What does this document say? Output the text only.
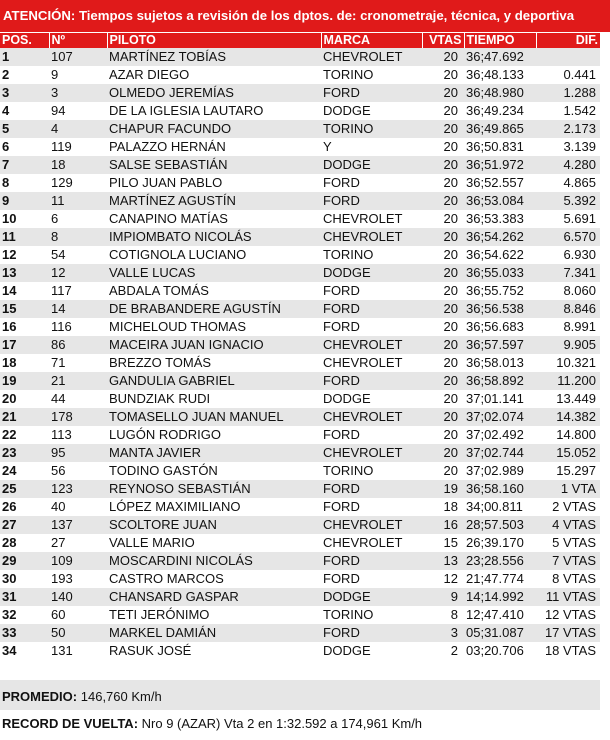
ATENCIÓN: Tiempos sujetos a revisión de los dptos. de: cronometraje, técnica, y deportiva
POS.	Nº	PILOTO	MARCA	VTAS	TIEMPO	DIF.
1	107	MARTÍNEZ TOBÍAS	CHEVROLET	20	36;47.692	
2	9	AZAR DIEGO	TORINO	20	36;48.133	0.441
3	3	OLMEDO JEREMÍAS	FORD	20	36;48.980	1.288
4	94	DE LA IGLESIA LAUTARO	DODGE	20	36;49.234	1.542
5	4	CHAPUR FACUNDO	TORINO	20	36;49.865	2.173
6	119	PALAZZO HERNÁN	Y	20	36;50.831	3.139
7	18	SALSE SEBASTIÁN	DODGE	20	36;51.972	4.280
8	129	PILO JUAN PABLO	FORD	20	36;52.557	4.865
9	11	MARTÍNEZ AGUSTÍN	FORD	20	36;53.084	5.392
10	6	CANAPINO MATÍAS	CHEVROLET	20	36;53.383	5.691
11	8	IMPIOMBATO NICOLÁS	CHEVROLET	20	36;54.262	6.570
12	54	COTIGNOLA LUCIANO	TORINO	20	36;54.622	6.930
13	12	VALLE LUCAS	DODGE	20	36;55.033	7.341
14	117	ABDALA TOMÁS	FORD	20	36;55.752	8.060
15	14	DE BRABANDERE AGUSTÍN	FORD	20	36;56.538	8.846
16	116	MICHELOUD THOMAS	FORD	20	36;56.683	8.991
17	86	MACEIRA JUAN IGNACIO	CHEVROLET	20	36;57.597	9.905
18	71	BREZZO TOMÁS	CHEVROLET	20	36;58.013	10.321
19	21	GANDULIA GABRIEL	FORD	20	36;58.892	11.200
20	44	BUNDZIAK RUDI	DODGE	20	37;01.141	13.449
21	178	TOMASELLO JUAN MANUEL	CHEVROLET	20	37;02.074	14.382
22	113	LUGÓN RODRIGO	FORD	20	37;02.492	14.800
23	95	MANTA JAVIER	CHEVROLET	20	37;02.744	15.052
24	56	TODINO GASTÓN	TORINO	20	37;02.989	15.297
25	123	REYNOSO SEBASTIÁN	FORD	19	36;58.160	1 VTA
26	40	LÓPEZ MAXIMILIANO	FORD	18	34;00.811	2 VTAS
27	137	SCOLTORE JUAN	CHEVROLET	16	28;57.503	4 VTAS
28	27	VALLE MARIO	CHEVROLET	15	26;39.170	5 VTAS
29	109	MOSCARDINI NICOLÁS	FORD	13	23;28.556	7 VTAS
30	193	CASTRO MARCOS	FORD	12	21;47.774	8 VTAS
31	140	CHANSARD GASPAR	DODGE	9	14;14.992	11 VTAS
32	60	TETI JERÓNIMO	TORINO	8	12;47.410	12 VTAS
33	50	MARKEL DAMIÁN	FORD	3	05;31.087	17 VTAS
34	131	RASUK JOSÉ	DODGE	2	03;20.706	18 VTAS
PROMEDIO: 146,760 Km/h
RECORD DE VUELTA: Nro 9 (AZAR) Vta 2 en 1:32.592 a 174,961 Km/h
